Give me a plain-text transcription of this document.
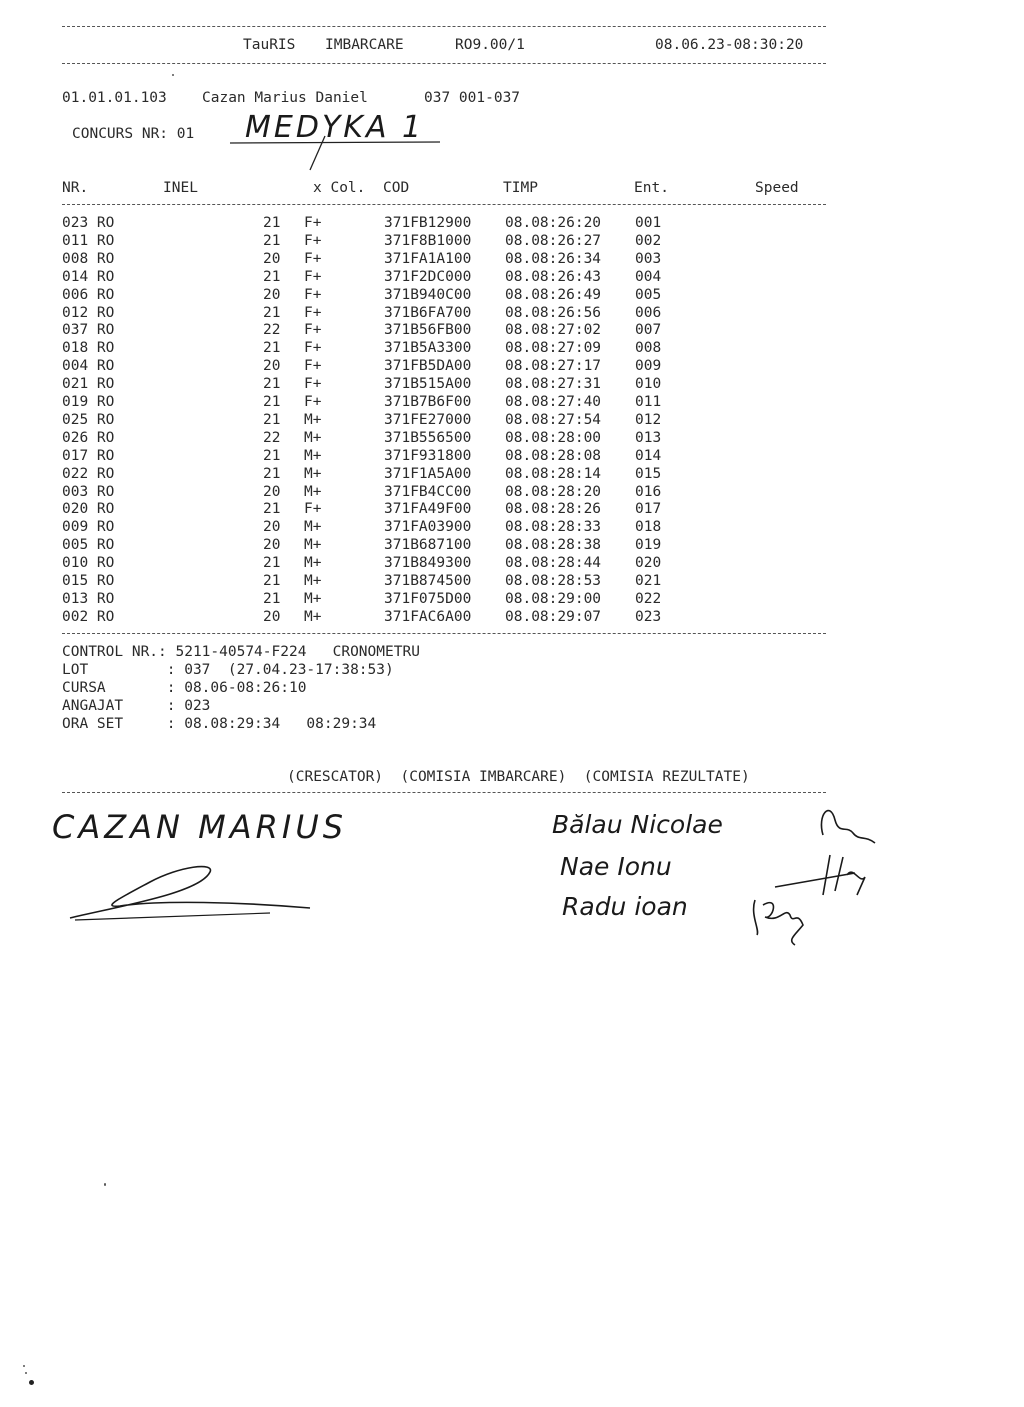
TauRIS IMBARCARE	RO9.00/1	08.06.23-08:30:20
01.01.01.103 Cazan Marius Daniel	037 001-037
CONCURS NR: 01 MEDYKA 1
NR.	INEL	x Col. COD	TIMP	Ent.	Speed
023 RO	21 F+	371FB12900 08.08:26:20 001
011 RO	21 F+	371F8B1000 08.08:26:27 002
008 RO	20 F+	371FA1A100 08.08:26:34 003
014 RO	21 F+	371F2DC000 08.08:26:43 004
006 RO	20 F+	371B940C00 08.08:26:49 005
012 RO	21 F+	371B6FA700 08.08:26:56 006
037 RO	22 F+	371B56FB00 08.08:27:02 007
018 RO	21 F+	371B5A3300 08.08:27:09 008
004 RO	20 F+	371FB5DA00 08.08:27:17 009
021 RO	21 F+	371B515A00 08.08:27:31 010
019 RO	21 F+	371B7B6F00 08.08:27:40 011
025 RO	21 M+	371FE27000 08.08:27:54 012
026 RO	22 M+	371B556500 08.08:28:00 013
017 RO	21 M+	371F931800 08.08:28:08 014
022 RO	21 M+	371F1A5A00 08.08:28:14 015
003 RO	20 M+	371FB4CC00 08.08:28:20 016
020 RO	21 F+	371FA49F00 08.08:28:26 017
009 RO	20 M+	371FA03900 08.08:28:33 018
005 RO	20 M+	371B687100 08.08:28:38 019
010 RO	21 M+	371B849300 08.08:28:44 020
015 RO	21 M+	371B874500 08.08:28:53 021
013 RO	21 M+	371F075D00 08.08:29:00 022
002 RO	20 M+	371FAC6A00 08.08:29:07 023
CONTROL NR.: 5211-40574-F224   CRONOMETRU
LOT         : 037  (27.04.23-17:38:53)
CURSA       : 08.06-08:26:10
ANGAJAT     : 023
ORA SET     : 08.08:29:34   08:29:34
(CRESCATOR)  (COMISIA IMBARCARE)  (COMISIA REZULTATE)
CAZAN MARIUS	Bălau Nicolae
Nae Ionu
Radu ioan
